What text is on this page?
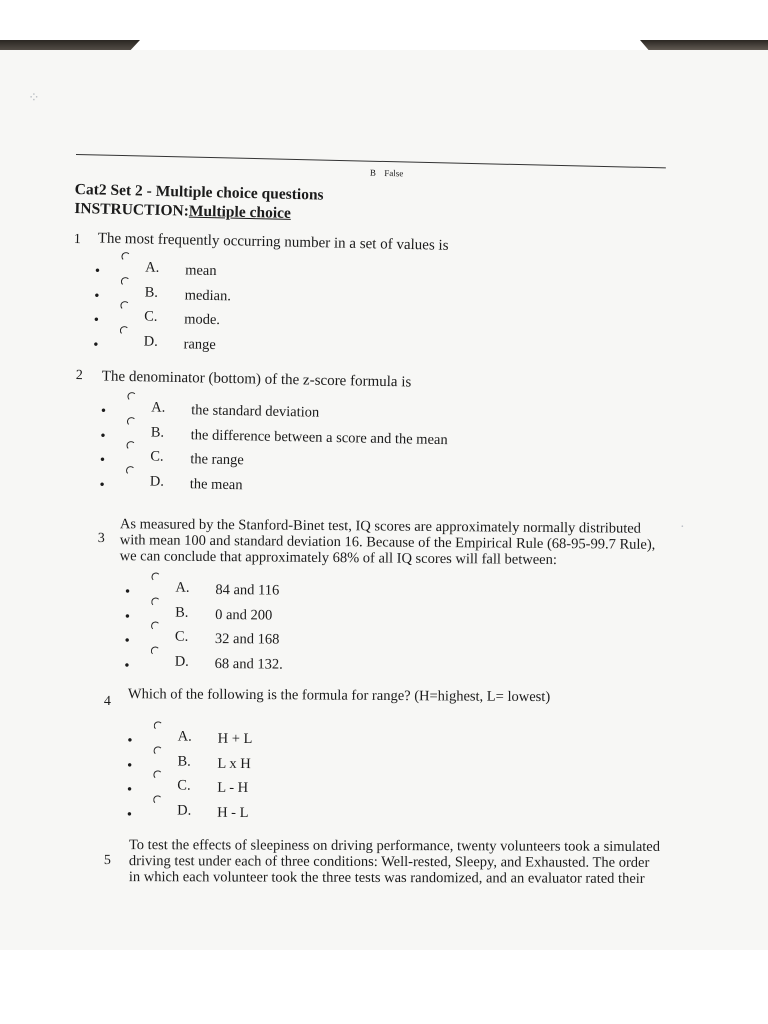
⁘
·
B False
Cat2 Set 2 - Multiple choice questions
INSTRUCTION:Multiple choice
1 The most frequently occurring number in a set of values is
•	A. mean
•	B. median.
•	C. mode.
•	D. range
2 The denominator (bottom) of the z-score formula is
•	A. the standard deviation
•	B. the difference between a score and the mean
•	C. the range
•	D. the mean
3
As measured by the Stanford-Binet test, IQ scores are approximately normally distributed
with mean 100 and standard deviation 16. Because of the Empirical Rule (68-95-99.7 Rule),
we can conclude that approximately 68% of all IQ scores will fall between:
•	A. 84 and 116
•	B. 0 and 200
•	C. 32 and 168
•	D. 68 and 132.
4 Which of the following is the formula for range? (H=highest, L= lowest)
•	A. H + L
•	B. L x H
•	C. L - H
•	D. H - L
5
To test the effects of sleepiness on driving performance, twenty volunteers took a simulated
driving test under each of three conditions: Well-rested, Sleepy, and Exhausted. The order
in which each volunteer took the three tests was randomized, and an evaluator rated their
